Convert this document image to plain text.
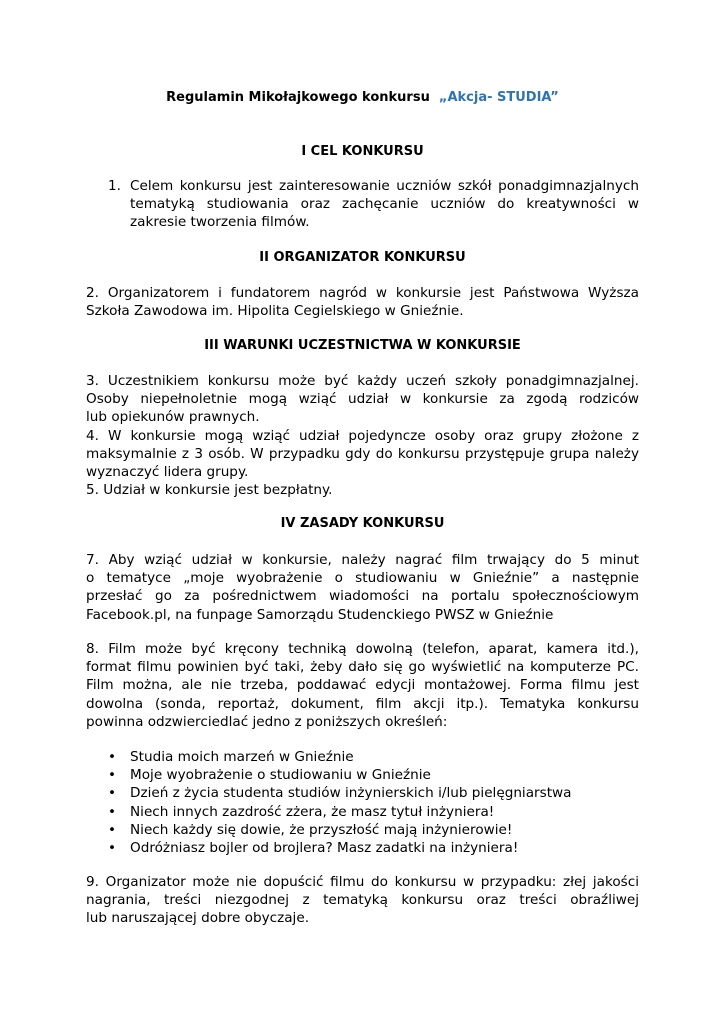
Regulamin Mikołajkowego konkursu „Akcja- STUDIA”
I CEL KONKURSU
1. Celem konkursu jest zainteresowanie uczniów szkół ponadgimnazjalnych
tematyką studiowania oraz zachęcanie uczniów do kreatywności w
zakresie tworzenia filmów.
II ORGANIZATOR KONKURSU
2. Organizatorem i fundatorem nagród w konkursie jest Państwowa Wyższa
Szkoła Zawodowa im. Hipolita Cegielskiego w Gnieźnie.
III WARUNKI UCZESTNICTWA W KONKURSIE
3. Uczestnikiem konkursu może być każdy uczeń szkoły ponadgimnazjalnej.
Osoby niepełnoletnie mogą wziąć udział w konkursie za zgodą rodziców
lub opiekunów prawnych.
4. W konkursie mogą wziąć udział pojedyncze osoby oraz grupy złożone z
maksymalnie z 3 osób. W przypadku gdy do konkursu przystępuje grupa należy
wyznaczyć lidera grupy.
5. Udział w konkursie jest bezpłatny.
IV ZASADY KONKURSU
7. Aby wziąć udział w konkursie, należy nagrać film trwający do 5 minut
o tematyce „moje wyobrażenie o studiowaniu w Gnieźnie” a następnie
przesłać go za pośrednictwem wiadomości na portalu społecznościowym
Facebook.pl, na funpage Samorządu Studenckiego PWSZ w Gnieźnie
8. Film może być kręcony techniką dowolną (telefon, aparat, kamera itd.),
format filmu powinien być taki, żeby dało się go wyświetlić na komputerze PC.
Film można, ale nie trzeba, poddawać edycji montażowej. Forma filmu jest
dowolna (sonda, reportaż, dokument, film akcji itp.). Tematyka konkursu
powinna odzwierciedlać jedno z poniższych określeń:
• Studia moich marzeń w Gnieźnie
• Moje wyobrażenie o studiowaniu w Gnieźnie
• Dzień z życia studenta studiów inżynierskich i/lub pielęgniarstwa
• Niech innych zazdrość zżera, że masz tytuł inżyniera!
• Niech każdy się dowie, że przyszłość mają inżynierowie!
• Odróżniasz bojler od brojlera? Masz zadatki na inżyniera!
9. Organizator może nie dopuścić filmu do konkursu w przypadku: złej jakości
nagrania, treści niezgodnej z tematyką konkursu oraz treści obraźliwej
lub naruszającej dobre obyczaje.
